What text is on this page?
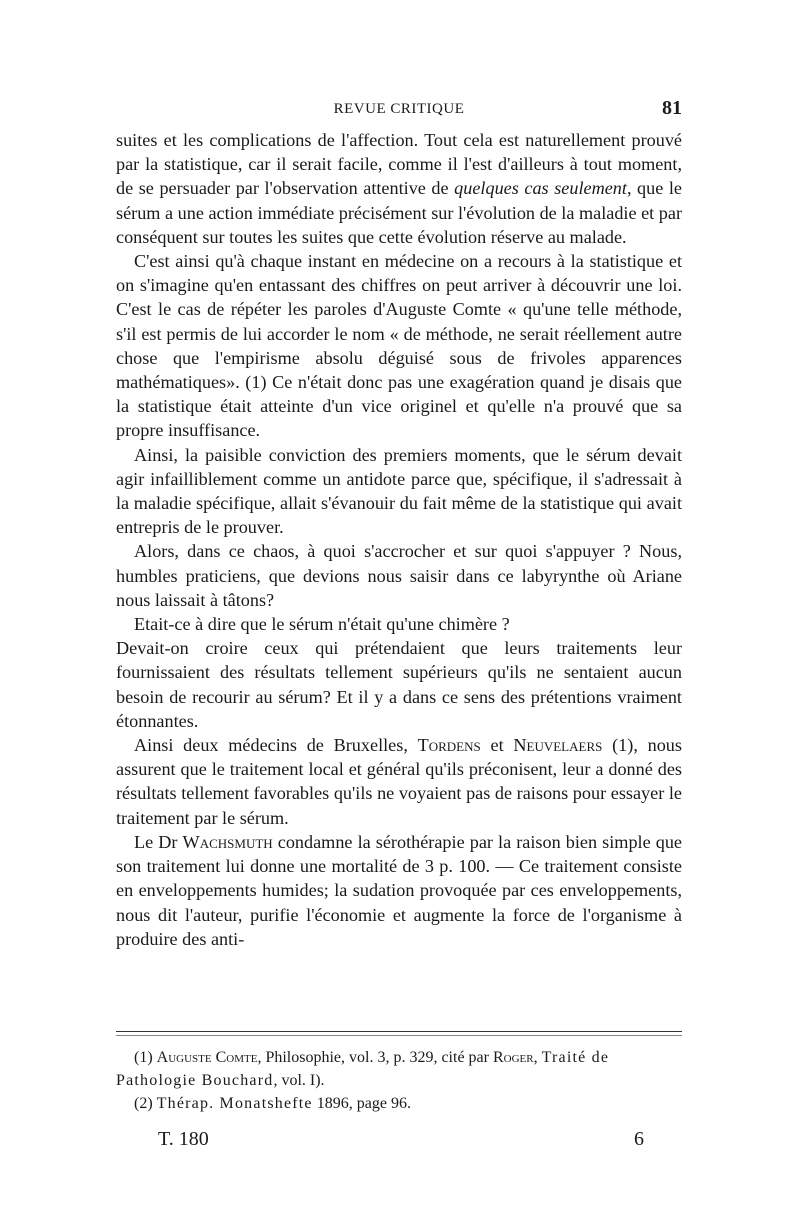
REVUE CRITIQUE	81

suites et les complications de l'affection. Tout cela est naturellement prouvé par la statistique, car il serait facile, comme il l'est d'ailleurs à tout moment, de se persuader par l'observation attentive de quelques cas seulement, que le sérum a une action immédiate précisément sur l'évolution de la maladie et par conséquent sur toutes les suites que cette évolution réserve au malade.

C'est ainsi qu'à chaque instant en médecine on a recours à la statistique et on s'imagine qu'en entassant des chiffres on peut arriver à découvrir une loi. C'est le cas de répéter les paroles d'Auguste Comte « qu'une telle méthode, s'il est permis de lui accorder le nom « de méthode, ne serait réellement autre chose que l'empirisme absolu déguisé sous de frivoles apparences mathématiques». (1) Ce n'était donc pas une exagération quand je disais que la statistique était atteinte d'un vice originel et qu'elle n'a prouvé que sa propre insuffisance.

Ainsi, la paisible conviction des premiers moments, que le sérum devait agir infailliblement comme un antidote parce que, spécifique, il s'adressait à la maladie spécifique, allait s'évanouir du fait même de la statistique qui avait entrepris de le prouver.

Alors, dans ce chaos, à quoi s'accrocher et sur quoi s'appuyer ? Nous, humbles praticiens, que devions nous saisir dans ce labyrynthe où Ariane nous laissait à tâtons?

Etait-ce à dire que le sérum n'était qu'une chimère ?

Devait-on croire ceux qui prétendaient que leurs traitements leur fournissaient des résultats tellement supérieurs qu'ils ne sentaient aucun besoin de recourir au sérum? Et il y a dans ce sens des prétentions vraiment étonnantes.

Ainsi deux médecins de Bruxelles, Tordens et Neuvelaers (1), nous assurent que le traitement local et général qu'ils préconisent, leur a donné des résultats tellement favorables qu'ils ne voyaient pas de raisons pour essayer le traitement par le sérum.

Le Dr Wachsmuth condamne la sérothérapie par la raison bien simple que son traitement lui donne une mortalité de 3 p. 100. — Ce traitement consiste en enveloppements humides; la sudation provoquée par ces enveloppements, nous dit l'auteur, purifie l'économie et augmente la force de l'organisme à produire des anti-

(1) Auguste Comte, Philosophie, vol. 3, p. 329, cité par Roger, Traité de Pathologie Bouchard, vol. I).

(2) Thérap. Monatshefte 1896, page 96.

T. 180	6
